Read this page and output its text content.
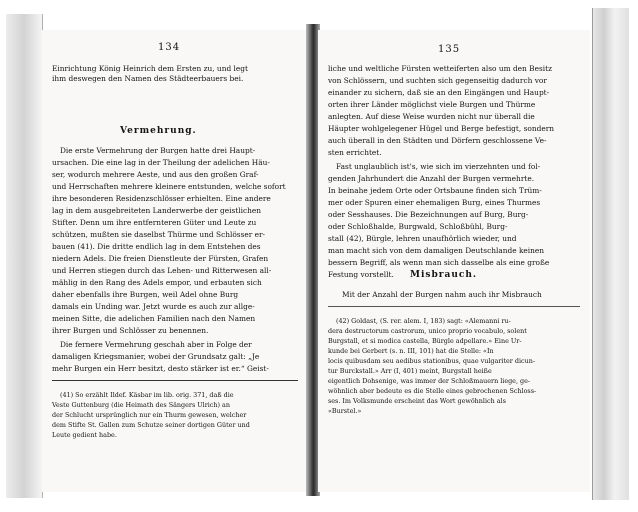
134
Einrichtung König Heinrich dem Ersten zu, und legt
ihm deswegen den Namen des Städteerbauers bei.
Vermehrung.
Die erste Vermehrung der Burgen hatte drei Haupt-
ursachen. Die eine lag in der Theilung der adelichen Häu-
ser, wodurch mehrere Aeste, und aus den großen Graf-
und Herrschaften mehrere kleinere entstunden, welche sofort
ihre besonderen Residenzschlösser erhielten. Eine andere
lag in dem ausgebreiteten Landerwerbe der geistlichen
Stifter. Denn um ihre entfernteren Güter und Leute zu
schützen, mußten sie daselbst Thürme und Schlösser er-
bauen (41). Die dritte endlich lag in dem Entstehen des
niedern Adels. Die freien Dienstleute der Fürsten, Grafen
und Herren stiegen durch das Lehen- und Ritterwesen all-
mählig in den Rang des Adels empor, und erbauten sich
daher ebenfalls ihre Burgen, weil Adel ohne Burg
damals ein Unding war. Jetzt wurde es auch zur allge-
meinen Sitte, die adelichen Familien nach den Namen
ihrer Burgen und Schlösser zu benennen.
Die fernere Vermehrung geschah aber in Folge der
damaligen Kriegsmanier, wobei der Grundsatz galt: „Je
mehr Burgen ein Herr besitzt, desto stärker ist er.“ Geist-
(41) So erzählt Ildef. Käsbar im lib. orig. 371, daß die
Veste Guttenburg (die Heimath des Sängers Ulrich) an
der Schlucht ursprünglich nur ein Thurm gewesen, welcher
dem Stifte St. Gallen zum Schutze seiner dortigen Güter und
Leute gedient habe.
135
liche und weltliche Fürsten wetteiferten also um den Besitz
von Schlössern, und suchten sich gegenseitig dadurch vor
einander zu sichern, daß sie an den Eingängen und Haupt-
orten ihrer Länder möglichst viele Burgen und Thürme
anlegten. Auf diese Weise wurden nicht nur überall die
Häupter wohlgelegener Hügel und Berge befestigt, sondern
auch überall in den Städten und Dörfern geschlossene Ve-
sten errichtet.
Fast unglaublich ist's, wie sich im vierzehnten und fol-
genden Jahrhundert die Anzahl der Burgen vermehrte.
In beinahe jedem Orte oder Ortsbaune finden sich Trüm-
mer oder Spuren einer ehemaligen Burg, eines Thurmes
oder Sesshauses. Die Bezeichnungen auf Burg, Burg-
oder Schloßhalde, Burgwald, Schloßbühl, Burg-
stall (42), Bürgle, lehren unaufhörlich wieder, und
man macht sich von dem damaligen Deutschlande keinen
bessern Begriff, als wenn man sich dasselbe als eine große
Festung vorstellt. Misbrauch.
Mit der Anzahl der Burgen nahm auch ihr Misbrauch
(42) Goldast, (S. rer. alem. I, 183) sagt: «Alemanni ru-
dera destructorum castrorum, unico proprio vocabulo, solent
Burgstall, et si modica castella, Bürgle adpellare.» Eine Ur-
kunde bei Gerbert (s. n. III, 101) hat die Stelle: «In
locis quibusdam seu aedibus stationibus, quae vulgariter dicun-
tur Burckstall.» Arr (I, 401) meint, Burgstall heiße
eigentlich Dohsenige, was immer der Schloßmauern liege, ge-
wöhnlich aber bedeute es die Stelle eines gebrochenen Schloss-
ses. Im Volksmunde erscheint das Wort gewöhnlich als
«Burstel.»
